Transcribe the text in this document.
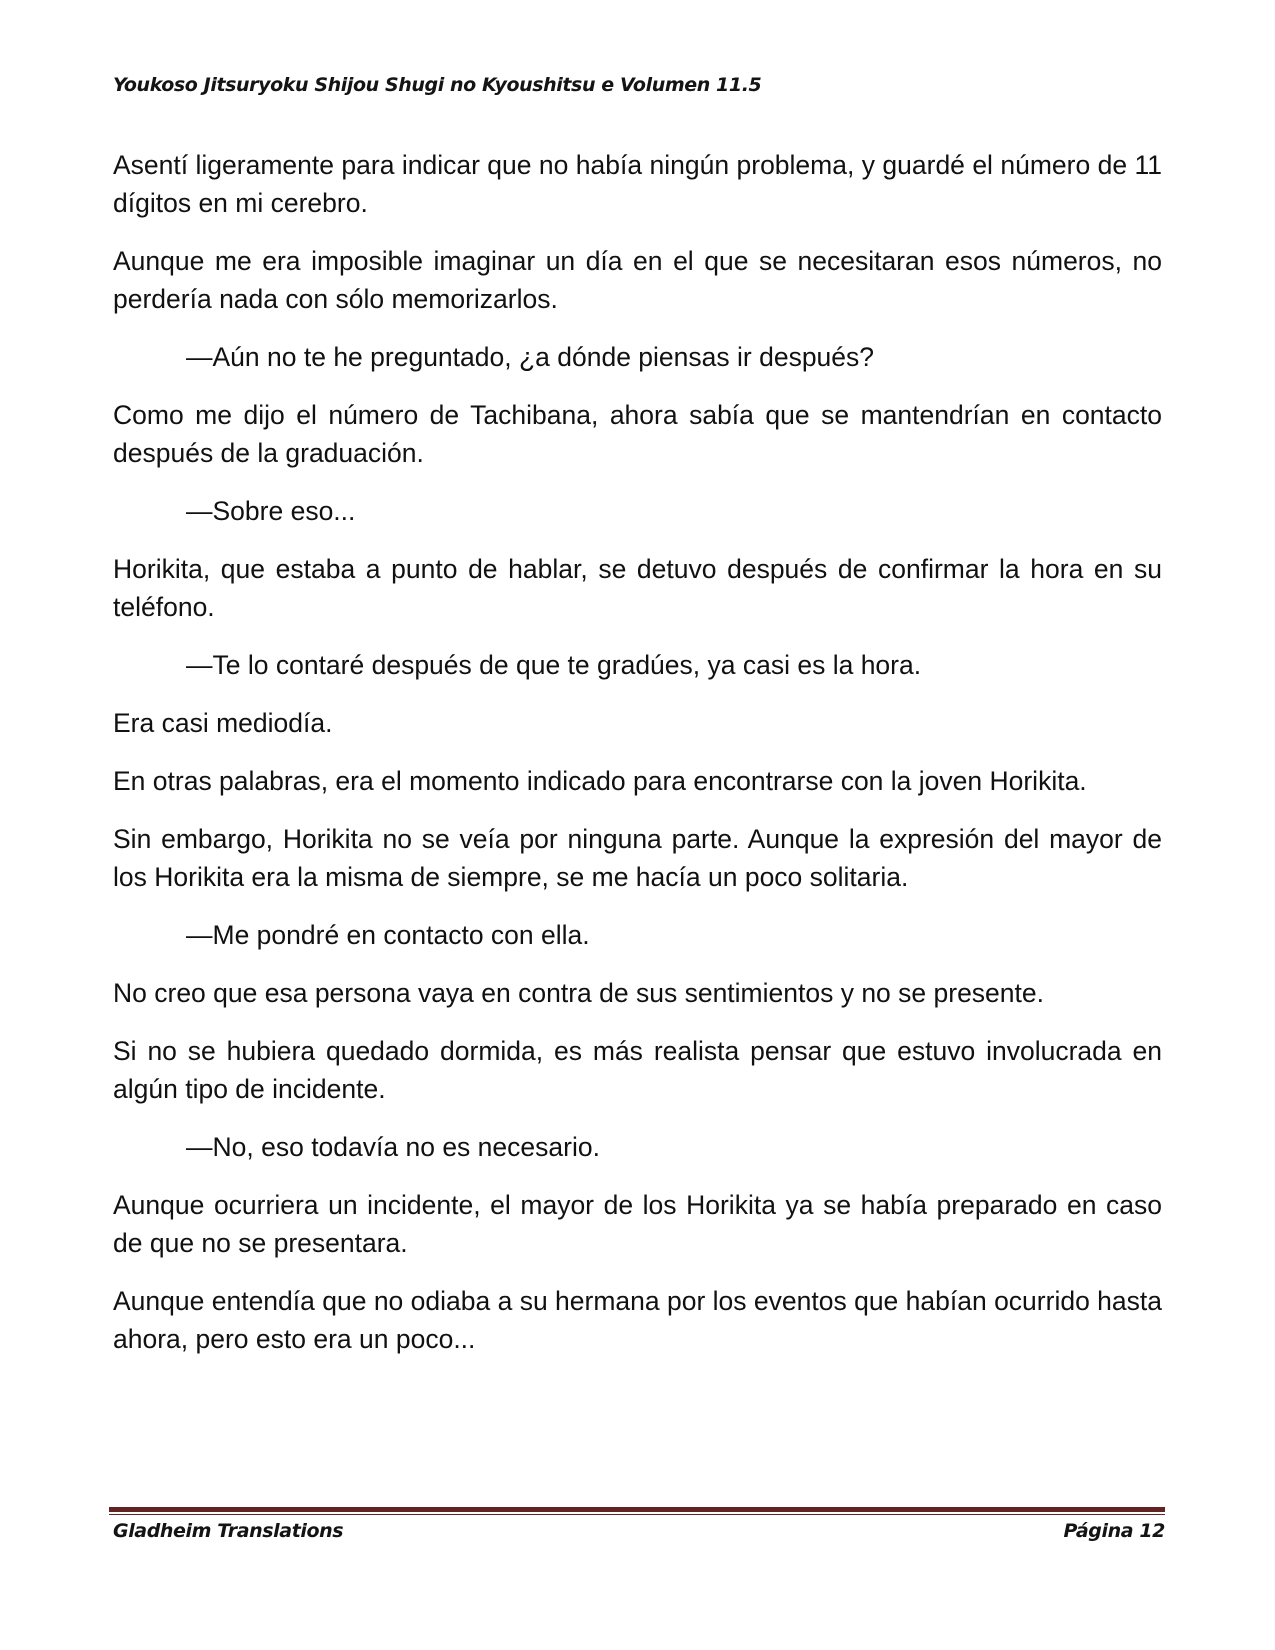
Youkoso Jitsuryoku Shijou Shugi no Kyoushitsu e Volumen 11.5

Asentí ligeramente para indicar que no había ningún problema, y guardé el número de 11 dígitos en mi cerebro.

Aunque me era imposible imaginar un día en el que se necesitaran esos números, no perdería nada con sólo memorizarlos.

—Aún no te he preguntado, ¿a dónde piensas ir después?

Como me dijo el número de Tachibana, ahora sabía que se mantendrían en contacto después de la graduación.

—Sobre eso...

Horikita, que estaba a punto de hablar, se detuvo después de confirmar la hora en su teléfono.

—Te lo contaré después de que te gradúes, ya casi es la hora.

Era casi mediodía.

En otras palabras, era el momento indicado para encontrarse con la joven Horikita.

Sin embargo, Horikita no se veía por ninguna parte. Aunque la expresión del mayor de los Horikita era la misma de siempre, se me hacía un poco solitaria.

—Me pondré en contacto con ella.

No creo que esa persona vaya en contra de sus sentimientos y no se presente.

Si no se hubiera quedado dormida, es más realista pensar que estuvo involucrada en algún tipo de incidente.

—No, eso todavía no es necesario.

Aunque ocurriera un incidente, el mayor de los Horikita ya se había preparado en caso de que no se presentara.

Aunque entendía que no odiaba a su hermana por los eventos que habían ocurrido hasta ahora, pero esto era un poco...

Gladheim Translations	Página 12
